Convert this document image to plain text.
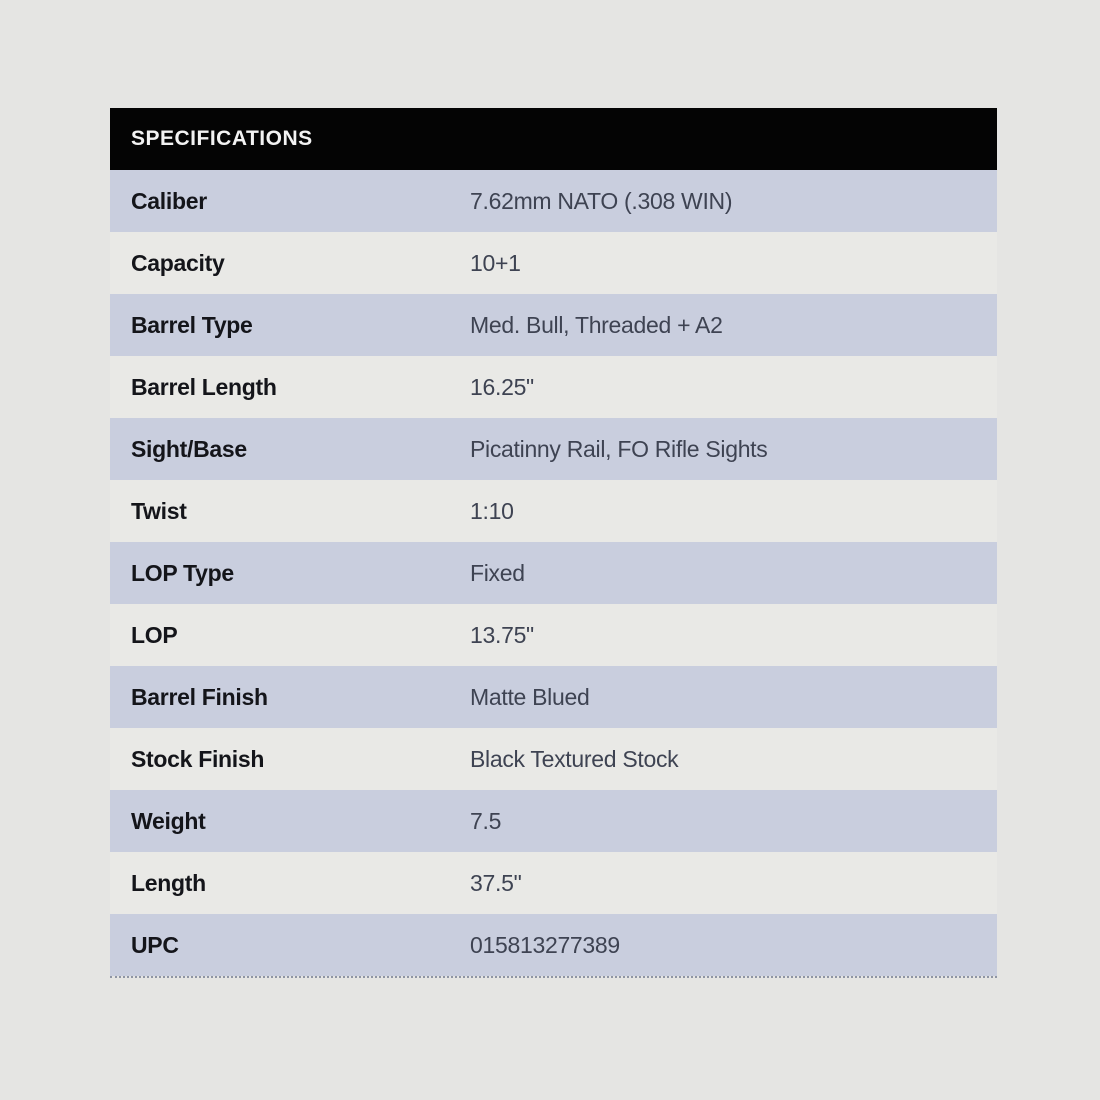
SPECIFICATIONS
Caliber	7.62mm NATO (.308 WIN)
Capacity	10+1
Barrel Type	Med. Bull, Threaded + A2
Barrel Length	16.25"
Sight/Base	Picatinny Rail, FO Rifle Sights
Twist	1:10
LOP Type	Fixed
LOP	13.75"
Barrel Finish	Matte Blued
Stock Finish	Black Textured Stock
Weight	7.5
Length	37.5"
UPC	015813277389
